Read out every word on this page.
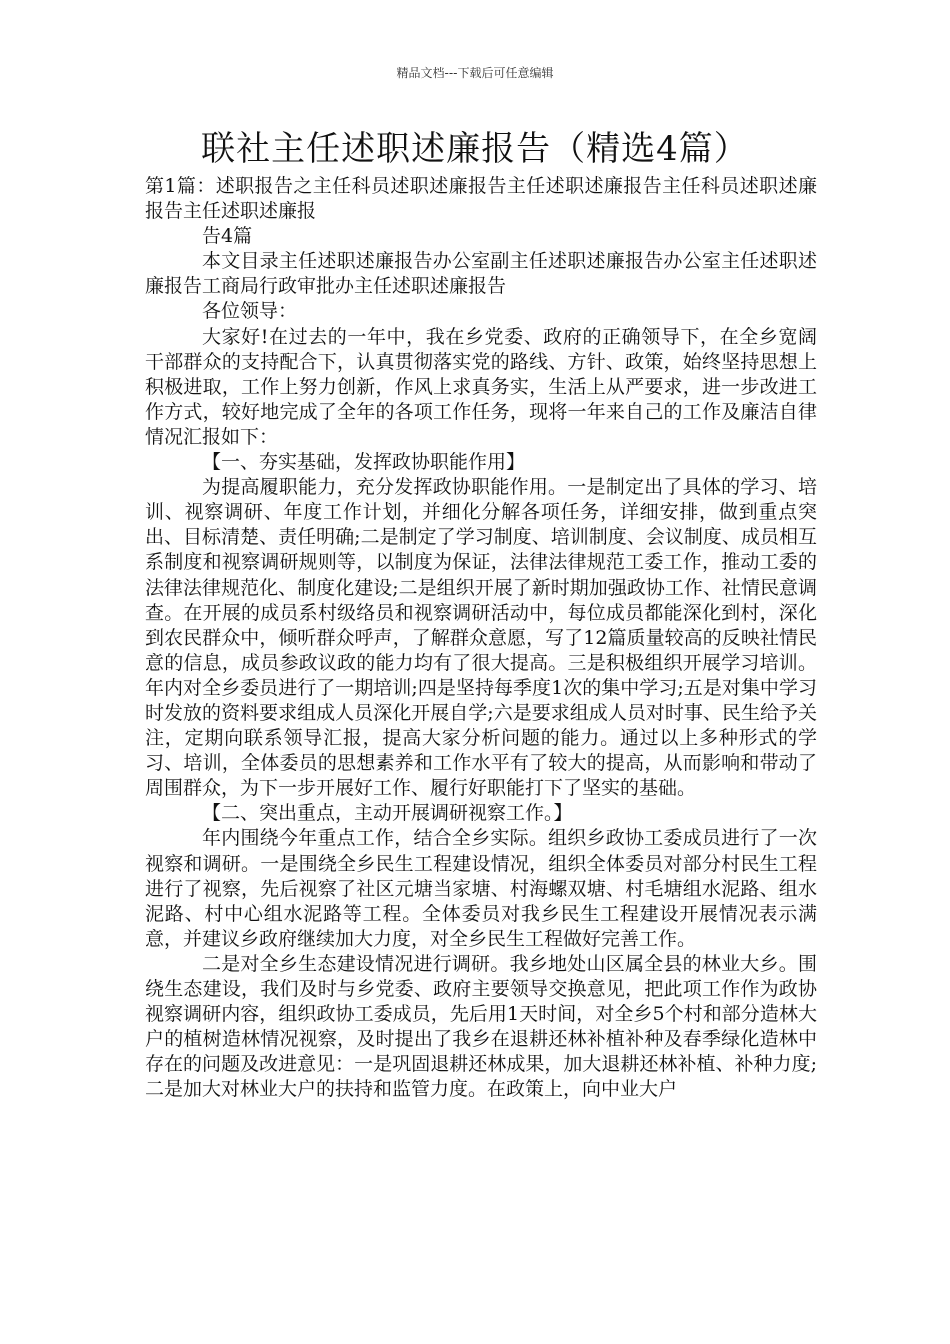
精品文档---下载后可任意编辑
联社主任述职述廉报告（精选4篇）

第1篇：述职报告之主任科员述职述廉报告主任述职述廉报告主任科员述职述廉报告主任述职述廉报

告4篇

本文目录主任述职述廉报告办公室副主任述职述廉报告办公室主任述职述廉报告工商局行政审批办主任述职述廉报告

各位领导：

大家好!在过去的一年中，我在乡党委、政府的正确领导下，在全乡宽阔干部群众的支持配合下，认真贯彻落实党的路线、方针、政策，始终坚持思想上积极进取，工作上努力创新，作风上求真务实，生活上从严要求，进一步改进工作方式，较好地完成了全年的各项工作任务，现将一年来自己的工作及廉洁自律情况汇报如下：

【一、夯实基础，发挥政协职能作用】

为提高履职能力，充分发挥政协职能作用。一是制定出了具体的学习、培训、视察调研、年度工作计划，并细化分解各项任务，详细安排，做到重点突出、目标清楚、责任明确;二是制定了学习制度、培训制度、会议制度、成员相互系制度和视察调研规则等，以制度为保证，法律法律规范工委工作，推动工委的法律法律规范化、制度化建设;二是组织开展了新时期加强政协工作、社情民意调查。在开展的成员系村级络员和视察调研活动中，每位成员都能深化到村，深化到农民群众中，倾听群众呼声，了解群众意愿，写了12篇质量较高的反映社情民意的信息，成员参政议政的能力均有了很大提高。三是积极组织开展学习培训。年内对全乡委员进行了一期培训;四是坚持每季度1次的集中学习;五是对集中学习时发放的资料要求组成人员深化开展自学;六是要求组成人员对时事、民生给予关注，定期向联系领导汇报，提高大家分析问题的能力。通过以上多种形式的学习、培训，全体委员的思想素养和工作水平有了较大的提高，从而影响和带动了周围群众，为下一步开展好工作、履行好职能打下了坚实的基础。

【二、突出重点，主动开展调研视察工作。】

年内围绕今年重点工作，结合全乡实际。组织乡政协工委成员进行了一次视察和调研。一是围绕全乡民生工程建设情况，组织全体委员对部分村民生工程进行了视察，先后视察了社区元塘当家塘、村海螺双塘、村毛塘组水泥路、组水泥路、村中心组水泥路等工程。全体委员对我乡民生工程建设开展情况表示满意，并建议乡政府继续加大力度，对全乡民生工程做好完善工作。

二是对全乡生态建设情况进行调研。我乡地处山区属全县的林业大乡。围绕生态建设，我们及时与乡党委、政府主要领导交换意见，把此项工作作为政协视察调研内容，组织政协工委成员，先后用1天时间，对全乡5个村和部分造林大户的植树造林情况视察，及时提出了我乡在退耕还林补植补种及春季绿化造林中存在的问题及改进意见：一是巩固退耕还林成果，加大退耕还林补植、补种力度;二是加大对林业大户的扶持和监管力度。在政策上，向中业大户
